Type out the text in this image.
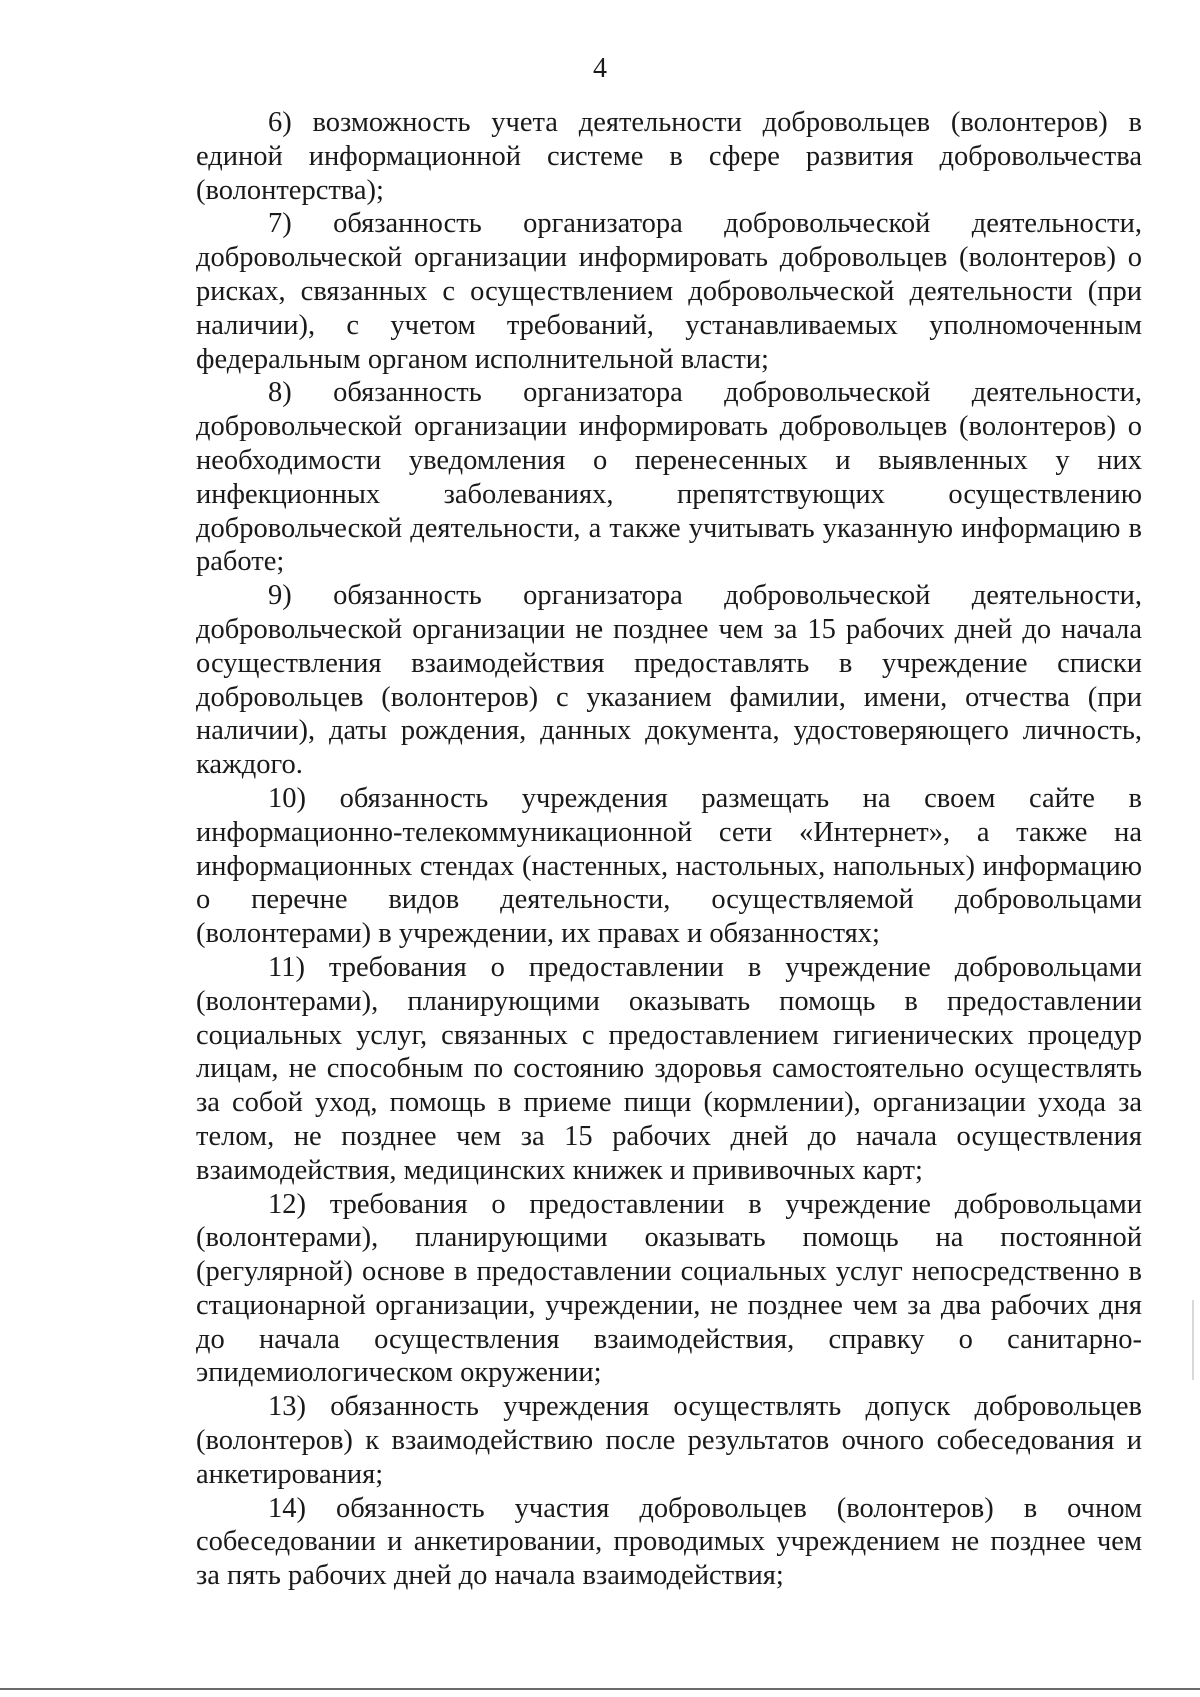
4

6) возможность учета деятельности добровольцев (волонтеров) в единой информационной системе в сфере развития добровольчества (волонтерства);

7) обязанность организатора добровольческой деятельности, добровольческой организации информировать добровольцев (волонтеров) о рисках, связанных с осуществлением добровольческой деятельности (при наличии), с учетом требований, устанавливаемых уполномоченным федеральным органом исполнительной власти;

8) обязанность организатора добровольческой деятельности, добровольческой организации информировать добровольцев (волонтеров) о необходимости уведомления о перенесенных и выявленных у них инфекционных заболеваниях, препятствующих осуществлению добровольческой деятельности, а также учитывать указанную информацию в работе;

9) обязанность организатора добровольческой деятельности, добровольческой организации не позднее чем за 15 рабочих дней до начала осуществления взаимодействия предоставлять в учреждение списки добровольцев (волонтеров) с указанием фамилии, имени, отчества (при наличии), даты рождения, данных документа, удостоверяющего личность, каждого.

10) обязанность учреждения размещать на своем сайте в информационно-телекоммуникационной сети «Интернет», а также на информационных стендах (настенных, настольных, напольных) информацию о перечне видов деятельности, осуществляемой добровольцами (волонтерами) в учреждении, их правах и обязанностях;

11) требования о предоставлении в учреждение добровольцами (волонтерами), планирующими оказывать помощь в предоставлении социальных услуг, связанных с предоставлением гигиенических процедур лицам, не способным по состоянию здоровья самостоятельно осуществлять за собой уход, помощь в приеме пищи (кормлении), организации ухода за телом, не позднее чем за 15 рабочих дней до начала осуществления взаимодействия, медицинских книжек и прививочных карт;

12) требования о предоставлении в учреждение добровольцами (волонтерами), планирующими оказывать помощь на постоянной (регулярной) основе в предоставлении социальных услуг непосредственно в стационарной организации, учреждении, не позднее чем за два рабочих дня до начала осуществления взаимодействия, справку о санитарно-эпидемиологическом окружении;

13) обязанность учреждения осуществлять допуск добровольцев (волонтеров) к взаимодействию после результатов очного собеседования и анкетирования;

14) обязанность участия добровольцев (волонтеров) в очном собеседовании и анкетировании, проводимых учреждением не позднее чем за пять рабочих дней до начала взаимодействия;
